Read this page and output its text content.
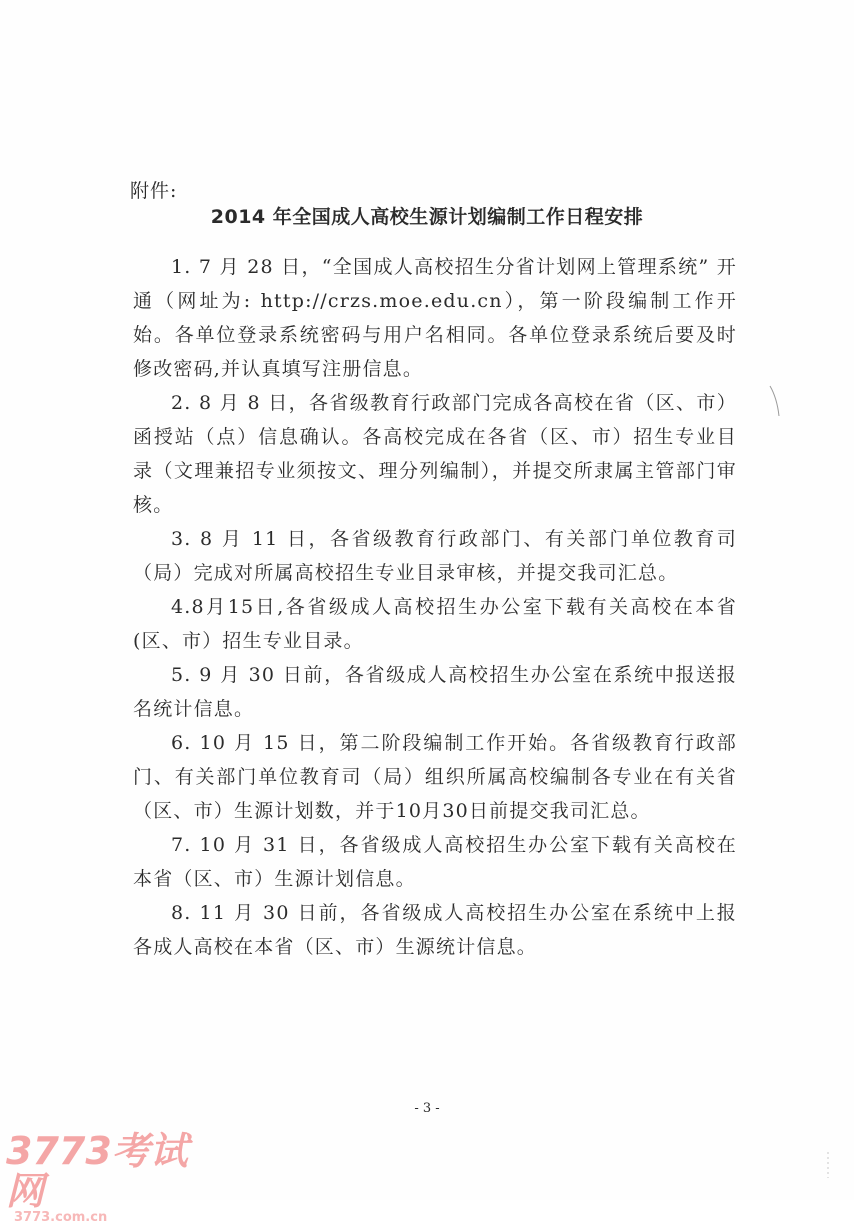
附件:
2014 年全国成人高校生源计划编制工作日程安排

1. 7 月 28 日，“全国成人高校招生分省计划网上管理系统” 开通（网址为: http://crzs.moe.edu.cn），第一阶段编制工作开始。各单位登录系统密码与用户名相同。各单位登录系统后要及时修改密码,并认真填写注册信息。

2. 8 月 8 日，各省级教育行政部门完成各高校在省（区、市）函授站（点）信息确认。各高校完成在各省（区、市）招生专业目录（文理兼招专业须按文、理分列编制），并提交所隶属主管部门审核。

3. 8 月 11 日，各省级教育行政部门、有关部门单位教育司（局）完成对所属高校招生专业目录审核，并提交我司汇总。

4.8月15日,各省级成人高校招生办公室下载有关高校在本省(区、市）招生专业目录。

5. 9 月 30 日前，各省级成人高校招生办公室在系统中报送报名统计信息。

6. 10 月 15 日，第二阶段编制工作开始。各省级教育行政部门、有关部门单位教育司（局）组织所属高校编制各专业在有关省（区、市）生源计划数，并于10月30日前提交我司汇总。

7. 10 月 31 日，各省级成人高校招生办公室下载有关高校在本省（区、市）生源计划信息。

8. 11 月 30 日前，各省级成人高校招生办公室在系统中上报各成人高校在本省（区、市）生源统计信息。

- 3 -
3773考试网
3773.com.cn
